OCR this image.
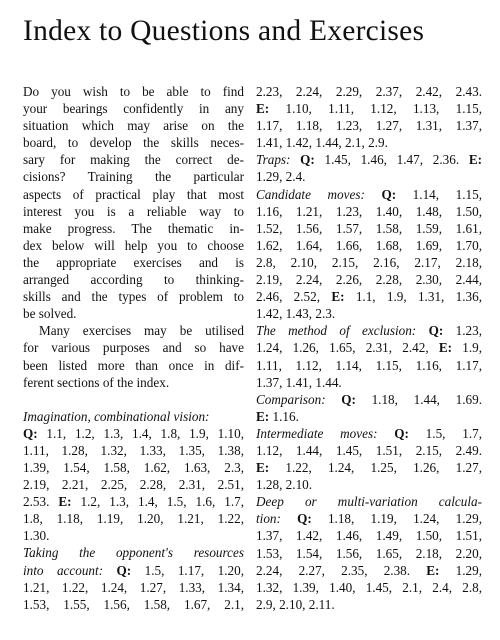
Index to Questions and Exercises
Do you wish to be able to find
your bearings confidently in any
situation which may arise on the
board, to develop the skills neces-
sary for making the correct de-
cisions? Training the particular
aspects of practical play that most
interest you is a reliable way to
make progress. The thematic in-
dex below will help you to choose
the appropriate exercises and is
arranged according to thinking-
skills and the types of problem to
be solved.
Many exercises may be utilised
for various purposes and so have
been listed more than once in dif-
ferent sections of the index.
Imagination, combinational vision:
Q: 1.1, 1.2, 1.3, 1.4, 1.8, 1.9, 1.10,
1.11, 1.28, 1.32, 1.33, 1.35, 1.38,
1.39, 1.54, 1.58, 1.62, 1.63, 2.3,
2.19, 2.21, 2.25, 2.28, 2.31, 2.51,
2.53. E: 1.2, 1.3, 1.4, 1.5, 1.6, 1.7,
1.8, 1.18, 1.19, 1.20, 1.21, 1.22,
1.30.
Taking the opponent's resources
into account: Q: 1.5, 1.17, 1.20,
1.21, 1.22, 1.24, 1.27, 1.33, 1.34,
1.53, 1.55, 1.56, 1.58, 1.67, 2.1,
2.23, 2.24, 2.29, 2.37, 2.42, 2.43.
E: 1.10, 1.11, 1.12, 1.13, 1.15,
1.17, 1.18, 1.23, 1.27, 1.31, 1.37,
1.41, 1.42, 1.44, 2.1, 2.9.
Traps: Q: 1.45, 1.46, 1.47, 2.36. E:
1.29, 2.4.
Candidate moves: Q: 1.14, 1.15,
1.16, 1.21, 1.23, 1.40, 1.48, 1.50,
1.52, 1.56, 1.57, 1.58, 1.59, 1.61,
1.62, 1.64, 1.66, 1.68, 1.69, 1.70,
2.8, 2.10, 2.15, 2.16, 2.17, 2.18,
2.19, 2.24, 2.26, 2.28, 2.30, 2.44,
2.46, 2.52, E: 1.1, 1.9, 1.31, 1.36,
1.42, 1.43, 2.3.
The method of exclusion: Q: 1.23,
1.24, 1.26, 1.65, 2.31, 2.42, E: 1.9,
1.11, 1.12, 1.14, 1.15, 1.16, 1.17,
1.37, 1.41, 1.44.
Comparison: Q: 1.18, 1.44, 1.69.
E: 1.16.
Intermediate moves: Q: 1.5, 1.7,
1.12, 1.44, 1.45, 1.51, 2.15, 2.49.
E: 1.22, 1.24, 1.25, 1.26, 1.27,
1.28, 2.10.
Deep or multi-variation calcula-
tion: Q: 1.18, 1.19, 1.24, 1.29,
1.37, 1.42, 1.46, 1.49, 1.50, 1.51,
1.53, 1.54, 1.56, 1.65, 2.18, 2.20,
2.24, 2.27, 2.35, 2.38. E: 1.29,
1.32, 1.39, 1.40, 1.45, 2.1, 2.4, 2.8,
2.9, 2.10, 2.11.
